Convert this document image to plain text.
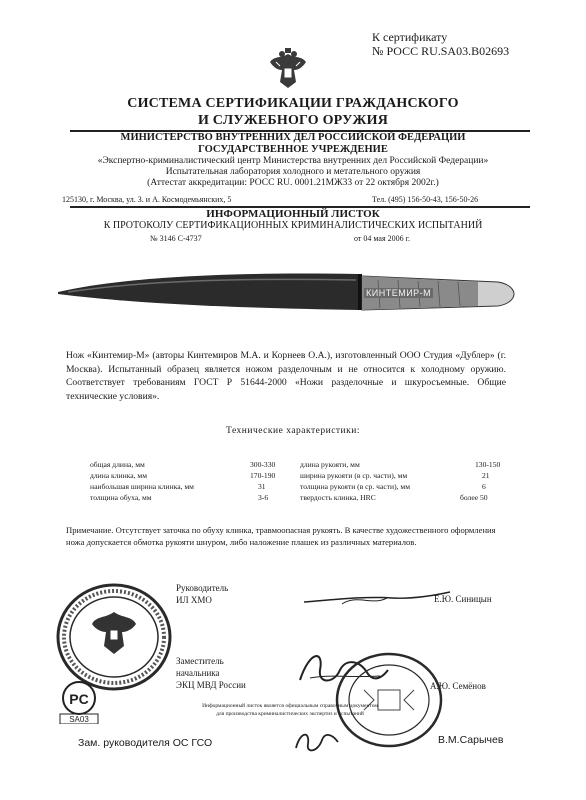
К сертификату
№ РОСС RU.SA03.B02693
СИСТЕМА СЕРТИФИКАЦИИ ГРАЖДАНСКОГО
И СЛУЖЕБНОГО ОРУЖИЯ
МИНИСТЕРСТВО ВНУТРЕННИХ ДЕЛ РОССИЙСКОЙ ФЕДЕРАЦИИ
ГОСУДАРСТВЕННОЕ УЧРЕЖДЕНИЕ
«Экспертно-криминалистический центр Министерства внутренних дел Российской Федерации»
Испытательная лаборатория холодного и метательного оружия
(Аттестат аккредитации: РОСС RU. 0001.21МЖ33 от 22 октября 2002г.)
125130, г. Москва, ул. З. и А. Космодемьянских, 5	Тел. (495) 156-50-43, 156-50-26
ИНФОРМАЦИОННЫЙ ЛИСТОК
К ПРОТОКОЛУ СЕРТИФИКАЦИОННЫХ КРИМИНАЛИСТИЧЕСКИХ ИСПЫТАНИЙ
№ 3146 С-4737	от 04 мая 2006 г.
КИНТЕМИР-М
Нож «Кинтемир-М» (авторы Кинтемиров М.А. и Корнеев О.А.), изготовленный ООО Студия «Дублер» (г. Москва). Испытанный образец является ножом разделочным и не относится к холодному оружию. Соответствует требованиям ГОСТ Р 51644-2000 «Ножи разделочные и шкуросъемные. Общие технические условия».
Технические характеристики:
общая длина, мм	300-330
длина клинка, мм	170-190
наибольшая ширина клинка, мм	31
толщина обуха, мм	3-6
длина рукояти, мм	130-150
ширина рукояти (в ср. части), мм	21
толщина рукояти (в ср. части), мм	6
твердость клинка, HRC	более 50
Примечание. Отсутствует заточка по обуху клинка, травмоопасная рукоять. В качестве художественного оформления ножа допускается обмотка рукояти шнуром, либо наложение плашек из различных материалов.
Руководитель
ИЛ ХМО	Е.Ю. Синицын
Заместитель
начальника
ЭКЦ МВД России	А.Ю. Семёнов
PC
SA03
Информационный листок является официальным справочным документом
для производства криминалистических экспертиз и испытаний
Зам. руководителя ОС ГСО	В.М.Сарычев
